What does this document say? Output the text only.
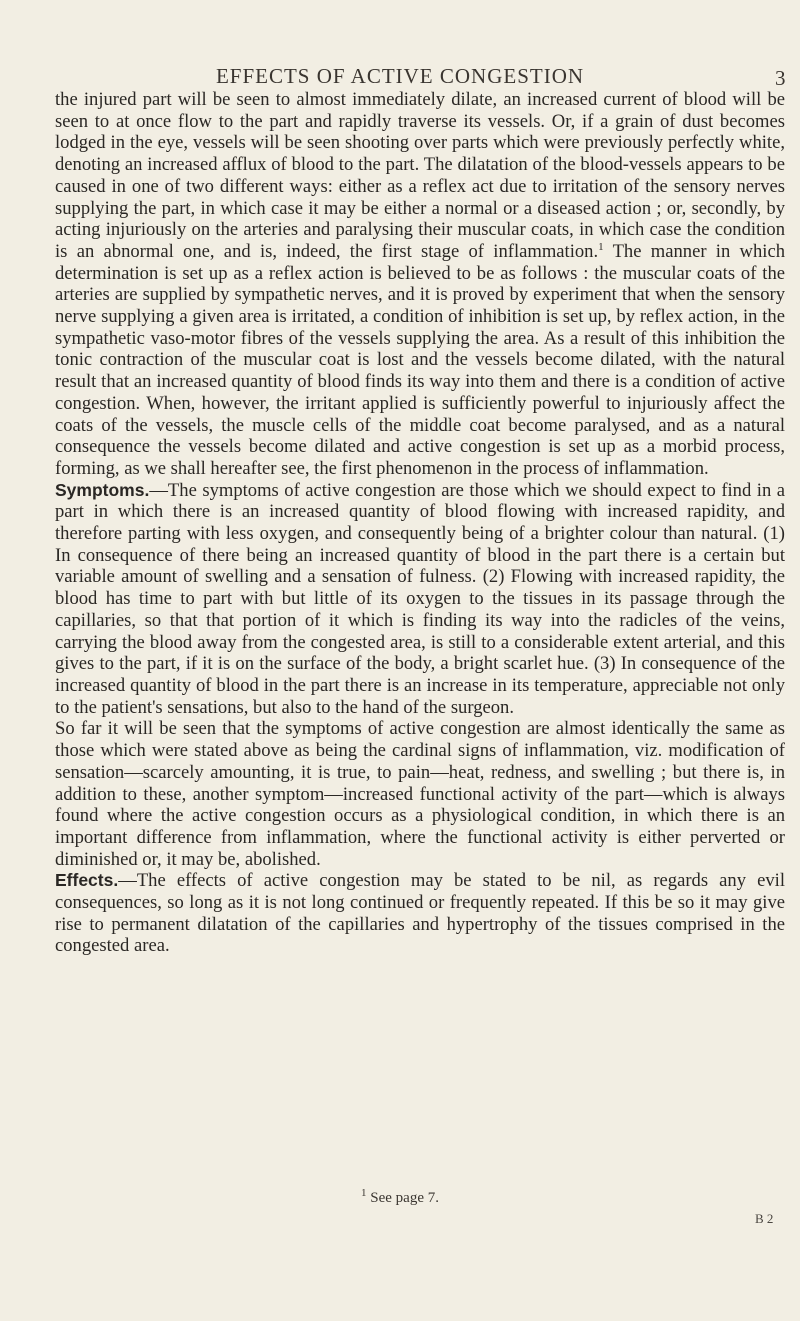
EFFECTS OF ACTIVE CONGESTION	3

the injured part will be seen to almost immediately dilate, an increased current of blood will be seen to at once flow to the part and rapidly traverse its vessels. Or, if a grain of dust becomes lodged in the eye, vessels will be seen shooting over parts which were previously perfectly white, denoting an increased afflux of blood to the part. The dilatation of the blood-vessels appears to be caused in one of two different ways: either as a reflex act due to irritation of the sensory nerves supplying the part, in which case it may be either a normal or a diseased action ; or, secondly, by acting injuriously on the arteries and paralysing their muscular coats, in which case the condition is an abnormal one, and is, indeed, the first stage of inflammation.$^1$ The manner in which determination is set up as a reflex action is believed to be as follows : the muscular coats of the arteries are supplied by sympathetic nerves, and it is proved by experiment that when the sensory nerve supplying a given area is irritated, a condition of inhibition is set up, by reflex action, in the sympathetic vaso-motor fibres of the vessels supplying the area. As a result of this inhibition the tonic contraction of the muscular coat is lost and the vessels become dilated, with the natural result that an increased quantity of blood finds its way into them and there is a condition of active congestion. When, however, the irritant applied is sufficiently powerful to injuriously affect the coats of the vessels, the muscle cells of the middle coat become paralysed, and as a natural consequence the vessels become dilated and active congestion is set up as a morbid process, forming, as we shall hereafter see, the first phenomenon in the process of inflammation.

Symptoms.—The symptoms of active congestion are those which we should expect to find in a part in which there is an increased quantity of blood flowing with increased rapidity, and therefore parting with less oxygen, and consequently being of a brighter colour than natural. (1) In consequence of there being an increased quantity of blood in the part there is a certain but variable amount of swelling and a sensation of fulness. (2) Flowing with increased rapidity, the blood has time to part with but little of its oxygen to the tissues in its passage through the capillaries, so that that portion of it which is finding its way into the radicles of the veins, carrying the blood away from the congested area, is still to a considerable extent arterial, and this gives to the part, if it is on the surface of the body, a bright scarlet hue. (3) In consequence of the increased quantity of blood in the part there is an increase in its temperature, appreciable not only to the patient's sensations, but also to the hand of the surgeon.

So far it will be seen that the symptoms of active congestion are almost identically the same as those which were stated above as being the cardinal signs of inflammation, viz. modification of sensation—scarcely amounting, it is true, to pain—heat, redness, and swelling ; but there is, in addition to these, another symptom—increased functional activity of the part—which is always found where the active congestion occurs as a physiological condition, in which there is an important difference from inflammation, where the functional activity is either perverted or diminished or, it may be, abolished.

Effects.—The effects of active congestion may be stated to be nil, as regards any evil consequences, so long as it is not long continued or frequently repeated. If this be so it may give rise to permanent dilatation of the capillaries and hypertrophy of the tissues comprised in the congested area.

$^1$ See page 7.
B 2
